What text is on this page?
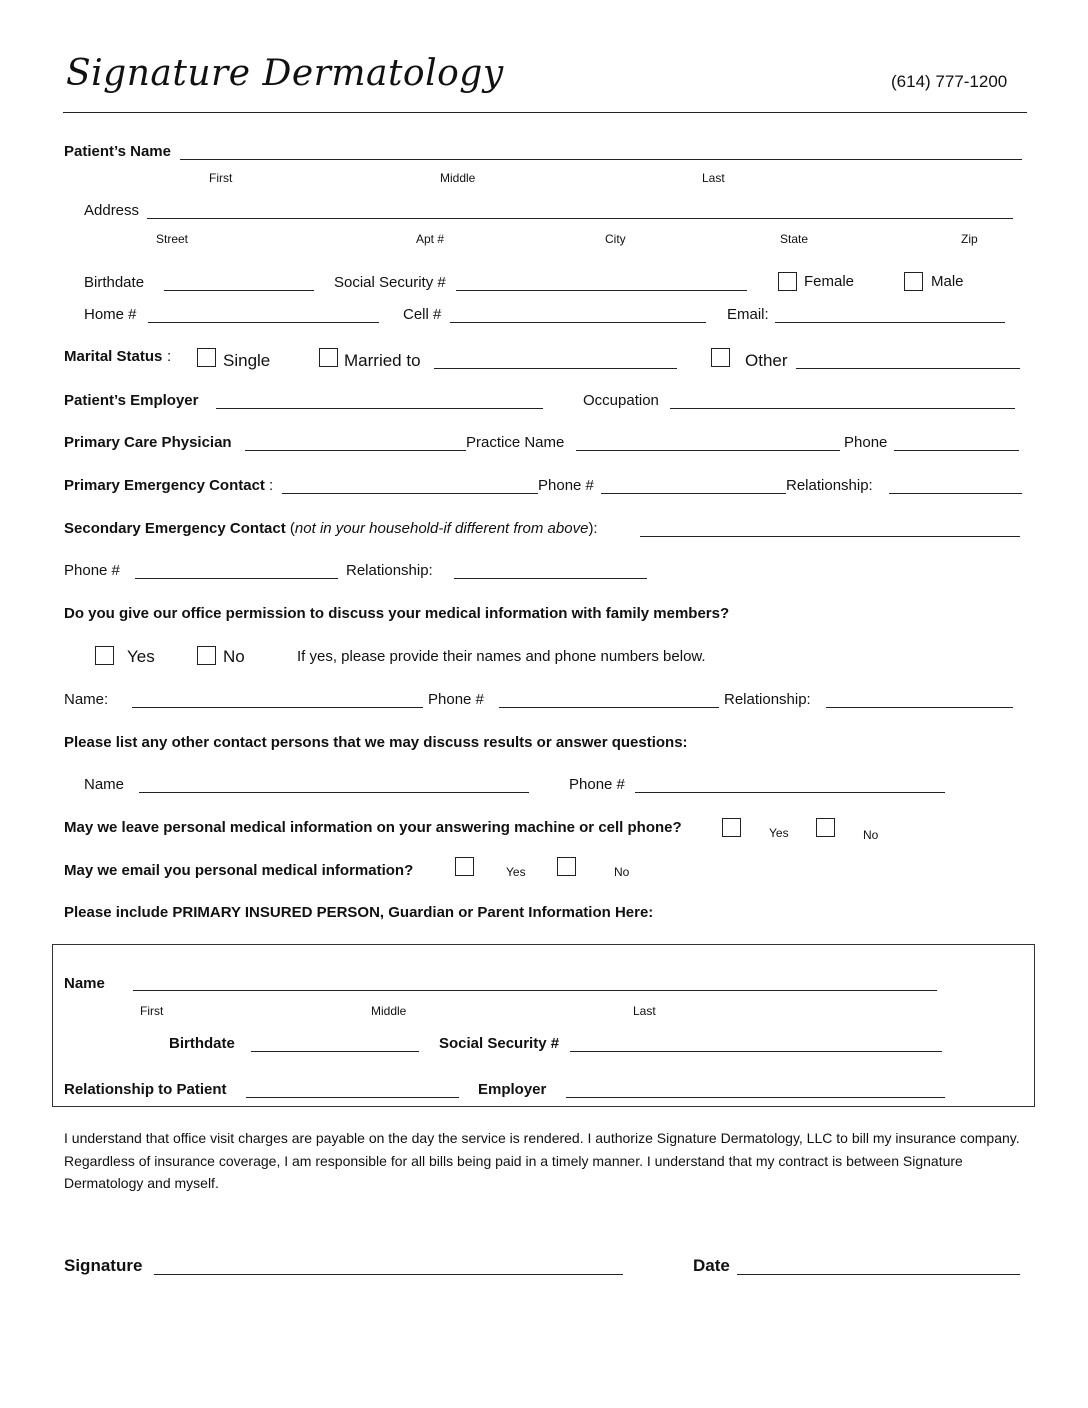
Signature Dermatology	(614) 777-1200
Patient’s Name
First	Middle	Last
Address
Street	Apt #	City	State	Zip
Birthdate	Social Security #	Female	Male
Home #	Cell #	Email:
Marital Status :	Single	Married to	Other
Patient’s Employer	Occupation
Primary Care Physician	Practice Name	Phone
Primary Emergency Contact :	Phone #	Relationship:
Secondary Emergency Contact (not in your household-if different from above):
Phone #	Relationship:
Do you give our office permission to discuss your medical information with family members?
Yes	No	If yes, please provide their names and phone numbers below.
Name:	Phone #	Relationship:
Please list any other contact persons that we may discuss results or answer questions:
Name	Phone #
May we leave personal medical information on your answering machine or cell phone?	Yes	No
May we email you personal medical information?	Yes	No
Please include PRIMARY INSURED PERSON, Guardian or Parent Information Here:
Name
First	Middle	Last
Birthdate	Social Security #
Relationship to Patient	Employer
I understand that office visit charges are payable on the day the service is rendered. I authorize Signature Dermatology, LLC to bill my insurance company. Regardless of insurance coverage, I am responsible for all bills being paid in a timely manner. I understand that my contract is between Signature Dermatology and myself.
Signature	Date
